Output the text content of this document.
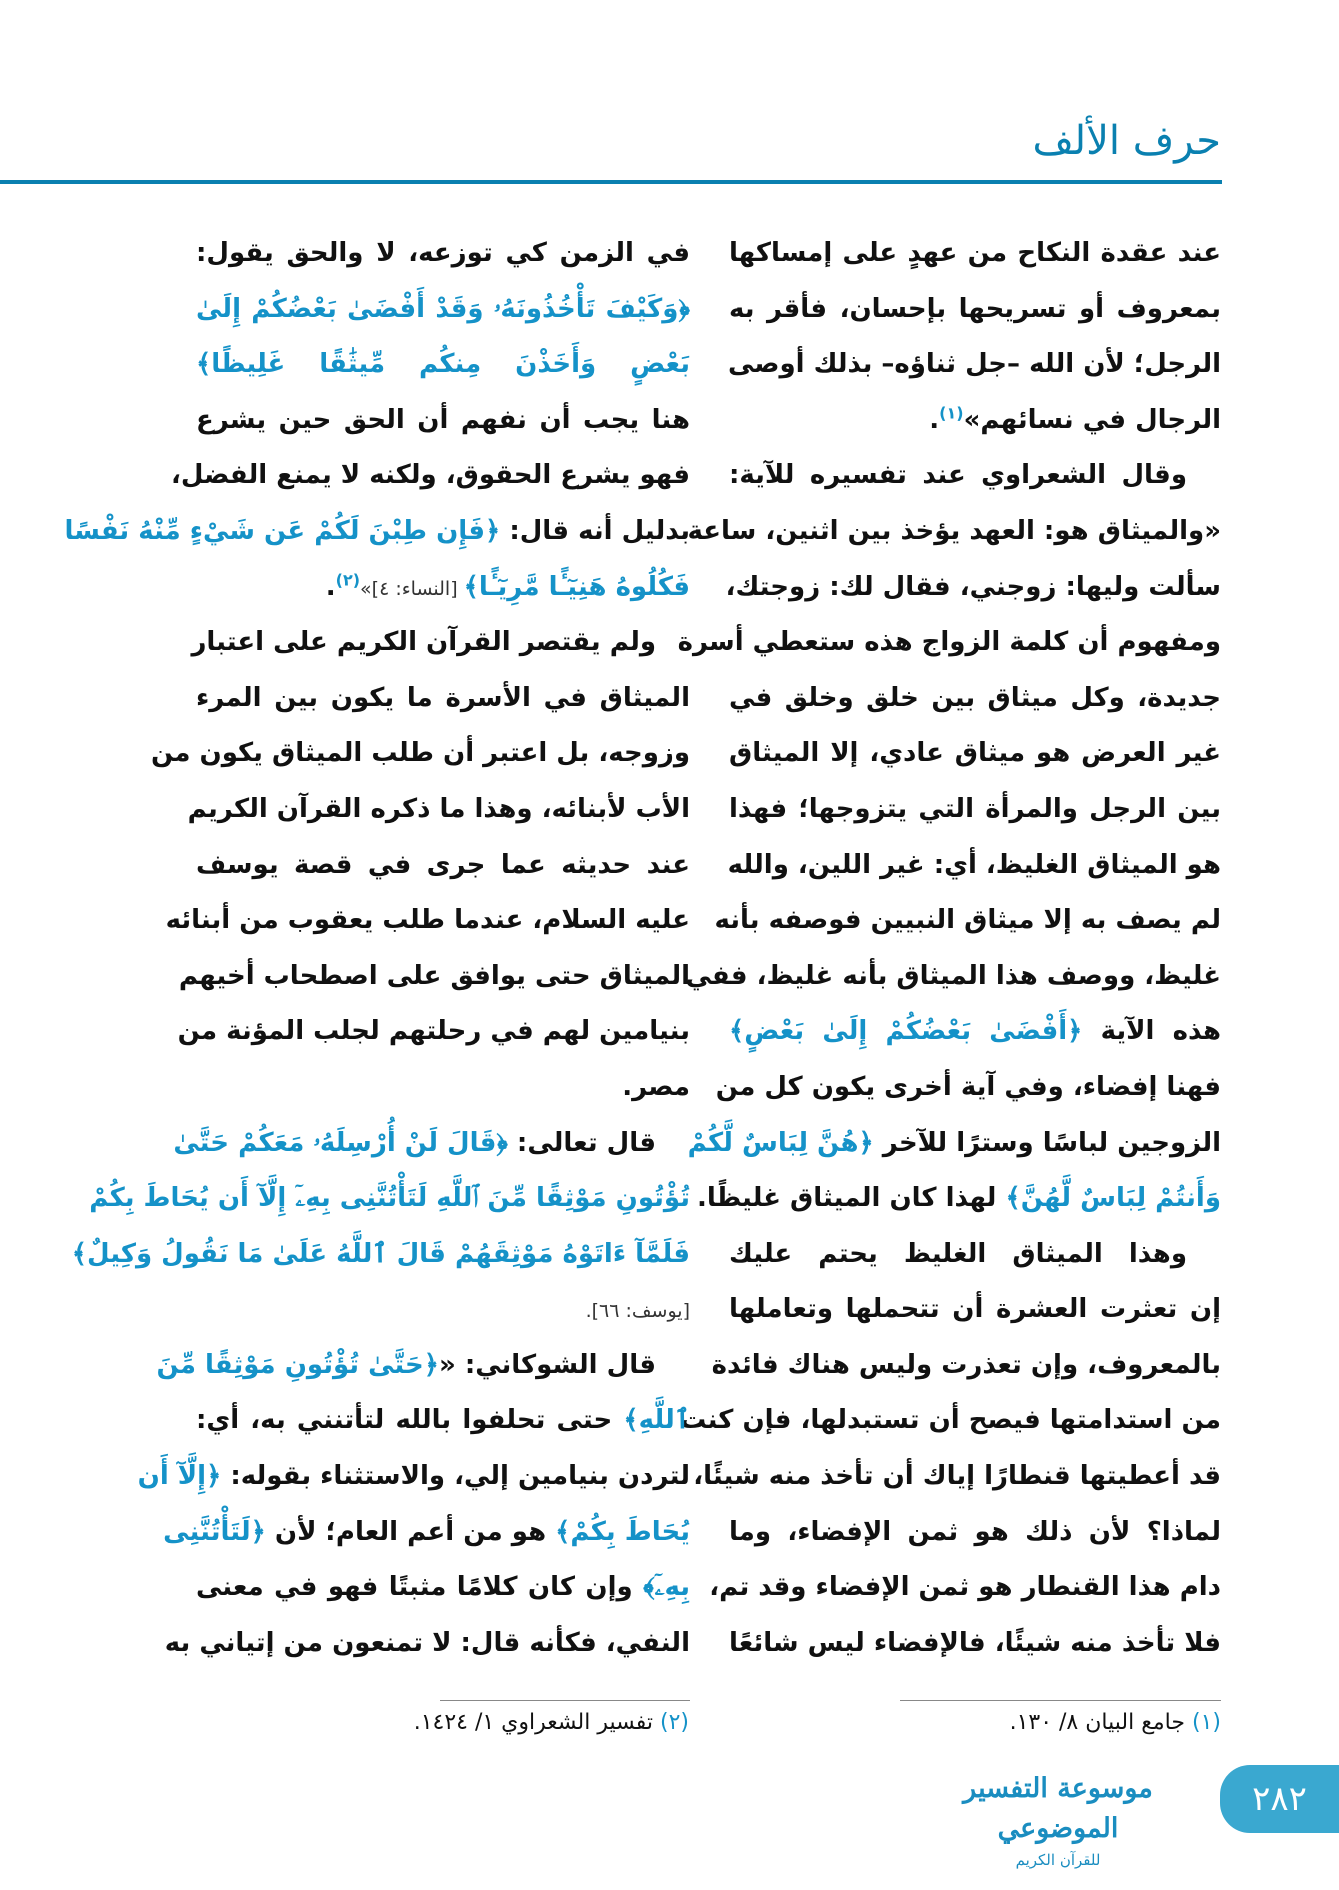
حرف الألف
عند عقدة النكاح من عهدٍ على إمساكها
بمعروف أو تسريحها بإحسان، فأقر به
الرجل؛ لأن الله –جل ثناؤه– بذلك أوصى
الرجال في نسائهم»$^{(١)}$.
وقال الشعراوي عند تفسيره للآية:
«والميثاق هو: العهد يؤخذ بين اثنين، ساعة
سألت وليها: زوجني، فقال لك: زوجتك،
ومفهوم أن كلمة الزواج هذه ستعطي أسرة
جديدة، وكل ميثاق بين خلق وخلق في
غير العرض هو ميثاق عادي، إلا الميثاق
بين الرجل والمرأة التي يتزوجها؛ فهذا
هو الميثاق الغليظ، أي: غير اللين، والله
لم يصف به إلا ميثاق النبيين فوصفه بأنه
غليظ، ووصف هذا الميثاق بأنه غليظ، ففي
هذه الآية ﴿أَفْضَىٰ بَعْضُكُمْ إِلَىٰ بَعْضٍ﴾
فهنا إفضاء، وفي آية أخرى يكون كل من
الزوجين لباسًا وسترًا للآخر ﴿هُنَّ لِبَاسٌ لَّكُمْ
وَأَنتُمْ لِبَاسٌ لَّهُنَّ﴾ لهذا كان الميثاق غليظًا.
وهذا الميثاق الغليظ يحتم عليك
إن تعثرت العشرة أن تتحملها وتعاملها
بالمعروف، وإن تعذرت وليس هناك فائدة
من استدامتها فيصح أن تستبدلها، فإن كنت
قد أعطيتها قنطارًا إياك أن تأخذ منه شيئًا،
لماذا؟ لأن ذلك هو ثمن الإفضاء، وما
دام هذا القنطار هو ثمن الإفضاء وقد تم،
فلا تأخذ منه شيئًا، فالإفضاء ليس شائعًا
في الزمن كي توزعه، لا والحق يقول:
﴿وَكَيْفَ تَأْخُذُونَهُۥ وَقَدْ أَفْضَىٰ بَعْضُكُمْ إِلَىٰ
بَعْضٍ وَأَخَذْنَ مِنكُم مِّيثَٰقًا غَلِيظًا﴾
هنا يجب أن نفهم أن الحق حين يشرع
فهو يشرع الحقوق، ولكنه لا يمنع الفضل،
بدليل أنه قال: ﴿فَإِن طِبْنَ لَكُمْ عَن شَيْءٍ مِّنْهُ نَفْسًا
فَكُلُوهُ هَنِيٓـًٔا مَّرِيٓـًٔا﴾ [النساء: ٤]»$^{(٢)}$.
ولم يقتصر القرآن الكريم على اعتبار
الميثاق في الأسرة ما يكون بين المرء
وزوجه، بل اعتبر أن طلب الميثاق يكون من
الأب لأبنائه، وهذا ما ذكره القرآن الكريم
عند حديثه عما جرى في قصة يوسف
عليه السلام، عندما طلب يعقوب من أبنائه
الميثاق حتى يوافق على اصطحاب أخيهم
بنيامين لهم في رحلتهم لجلب المؤنة من
مصر.
قال تعالى: ﴿قَالَ لَنْ أُرْسِلَهُۥ مَعَكُمْ حَتَّىٰ
تُؤْتُونِ مَوْثِقًا مِّنَ ٱللَّهِ لَتَأْتُنَّنِى بِهِۦٓ إِلَّآ أَن يُحَاطَ بِكُمْ
فَلَمَّآ ءَاتَوْهُ مَوْثِقَهُمْ قَالَ ٱللَّهُ عَلَىٰ مَا نَقُولُ وَكِيلٌ﴾
[يوسف: ٦٦].
قال الشوكاني: «﴿حَتَّىٰ تُؤْتُونِ مَوْثِقًا مِّنَ
ٱللَّهِ﴾ حتى تحلفوا بالله لتأتنني به، أي:
لتردن بنيامين إلي، والاستثناء بقوله: ﴿إِلَّآ أَن
يُحَاطَ بِكُمْ﴾ هو من أعم العام؛ لأن ﴿لَتَأْتُنَّنِى
بِهِۦٓ﴾ وإن كان كلامًا مثبتًا فهو في معنى
النفي، فكأنه قال: لا تمنعون من إتياني به
(١) جامع البيان ٨/ ١٣٠.
(٢) تفسير الشعراوي ١/ ١٤٢٤.
٢٨٢
موسوعة التفسير الموضوعي
للقرآن الكريم
